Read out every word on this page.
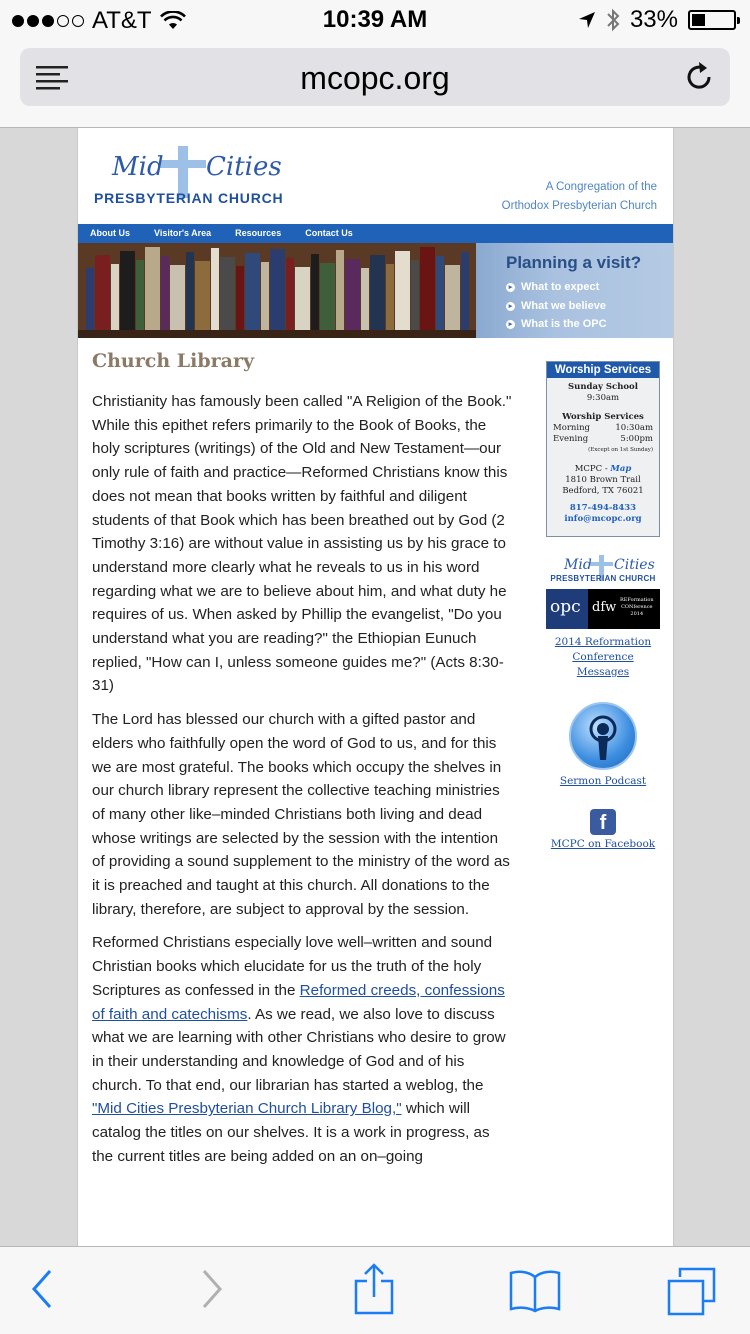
AT&T	10:39 AM	33%
mcopc.org
Mid Cities
PRESBYTERIAN CHURCH
A Congregation of the
Orthodox Presbyterian Church
About Us	Visitor's Area	Resources	Contact Us
Planning a visit?
▸ What to expect
▸ What we believe
▸ What is the OPC
Church Library

Christianity has famously been called "A Religion of the Book." While this epithet refers primarily to the Book of Books, the holy scriptures (writings) of the Old and New Testament—our only rule of faith and practice—Reformed Christians know this does not mean that books written by faithful and diligent students of that Book which has been breathed out by God (2 Timothy 3:16) are without value in assisting us by his grace to understand more clearly what he reveals to us in his word regarding what we are to believe about him, and what duty he requires of us. When asked by Phillip the evangelist, "Do you understand what you are reading?" the Ethiopian Eunuch replied, "How can I, unless someone guides me?" (Acts 8:30-31)

The Lord has blessed our church with a gifted pastor and elders who faithfully open the word of God to us, and for this we are most grateful. The books which occupy the shelves in our church library represent the collective teaching ministries of many other like–minded Christians both living and dead whose writings are selected by the session with the intention of providing a sound supplement to the ministry of the word as it is preached and taught at this church. All donations to the library, therefore, are subject to approval by the session.

Reformed Christians especially love well–written and sound Christian books which elucidate for us the truth of the holy Scriptures as confessed in the Reformed creeds, confessions of faith and catechisms. As we read, we also love to discuss what we are learning with other Christians who desire to grow in their understanding and knowledge of God and of his church. To that end, our librarian has started a weblog, the "Mid Cities Presbyterian Church Library Blog," which will catalog the titles on our shelves. It is a work in progress, as the current titles are being added on an on–going

Worship Services
Sunday School
9:30am
Worship Services
Morning	10:30am
Evening	5:00pm
(Except on 1st Sunday)
MCPC - Map
1810 Brown Trail
Bedford, TX 76021
817-494-8433
info@mcopc.org
Mid Cities
PRESBYTERIAN CHURCH
opc dfw REFormation
CONference
2014
2014 Reformation Conference Messages
Sermon Podcast
f
MCPC on Facebook
